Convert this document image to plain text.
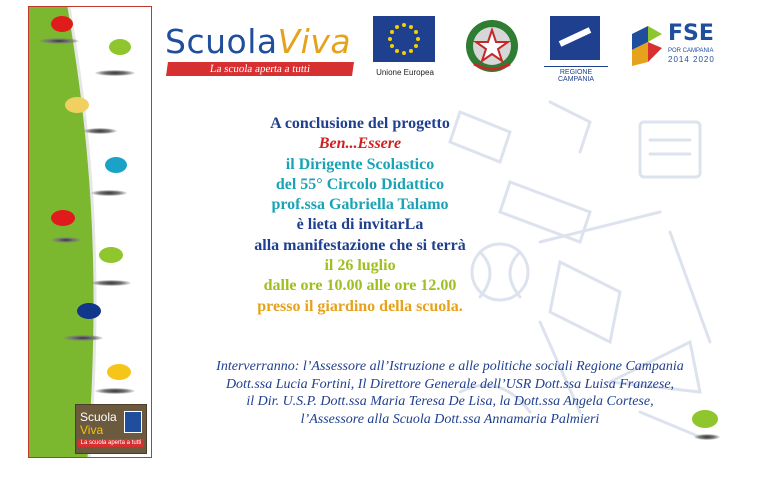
Scuola
Viva
La scuola aperta a tutti
ScuolaViva
La scuola aperta a tutti	Unione Europea	REGIONE CAMPANIA
FSE
POR CAMPANIA
2014 2020
A conclusione del progetto
Ben...Essere
il Dirigente Scolastico
del 55° Circolo Didattico
prof.ssa Gabriella Talamo
è lieta di invitarLa
alla manifestazione che si terrà
il 26 luglio
dalle ore 10.00 alle ore 12.00
presso il giardino della scuola.
Interverranno: l’Assessore all’Istruzione e alle politiche sociali Regione Campania
Dott.ssa Lucia Fortini, Il Direttore Generale dell’USR Dott.ssa Luisa Franzese,
il Dir. U.S.P. Dott.ssa Maria Teresa De Lisa, la Dott.ssa Angela Cortese,
l’Assessore alla Scuola Dott.ssa Annamaria Palmieri
